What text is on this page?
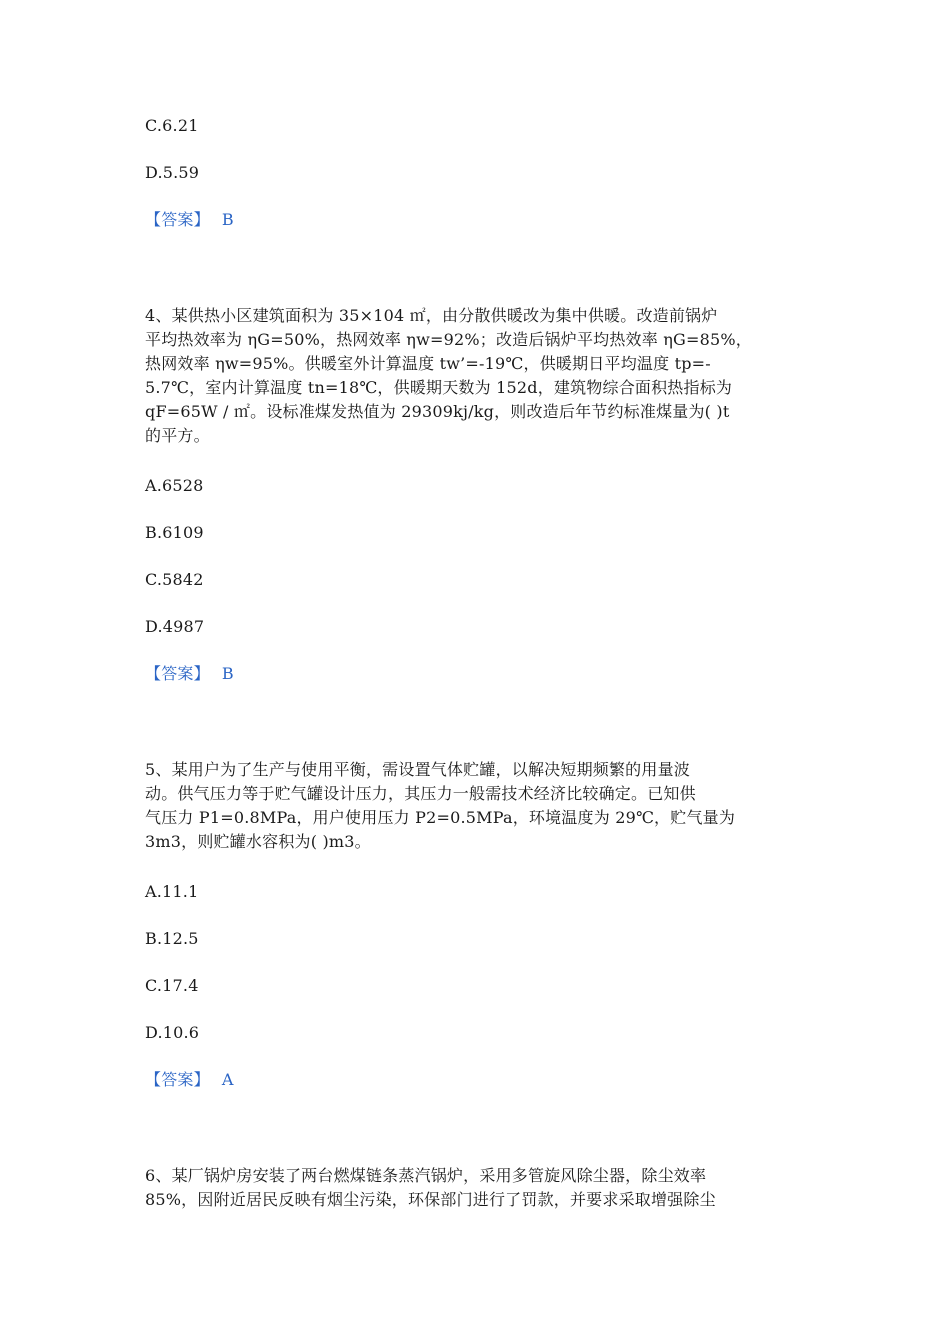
C.6.21
D.5.59
【答案】 B
4、某供热小区建筑面积为 35×104 ㎡，由分散供暖改为集中供暖。改造前锅炉
平均热效率为 ηG=50%，热网效率 ηw=92%；改造后锅炉平均热效率 ηG=85%，
热网效率 ηw=95%。供暖室外计算温度 tw’=-19℃，供暖期日平均温度 tp=-
5.7℃，室内计算温度 tn=18℃，供暖期天数为 152d，建筑物综合面积热指标为
qF=65W / ㎡。设标准煤发热值为 29309kj/kg，则改造后年节约标准煤量为( )t
的平方。
A.6528
B.6109
C.5842
D.4987
【答案】 B
5、某用户为了生产与使用平衡，需设置气体贮罐，以解决短期频繁的用量波
动。供气压力等于贮气罐设计压力，其压力一般需技术经济比较确定。已知供
气压力 P1=0.8MPa，用户使用压力 P2=0.5MPa，环境温度为 29℃，贮气量为
3m3，则贮罐水容积为( )m3。
A.11.1
B.12.5
C.17.4
D.10.6
【答案】 A
6、某厂锅炉房安装了两台燃煤链条蒸汽锅炉，采用多管旋风除尘器，除尘效率
85%，因附近居民反映有烟尘污染，环保部门进行了罚款，并要求采取增强除尘
